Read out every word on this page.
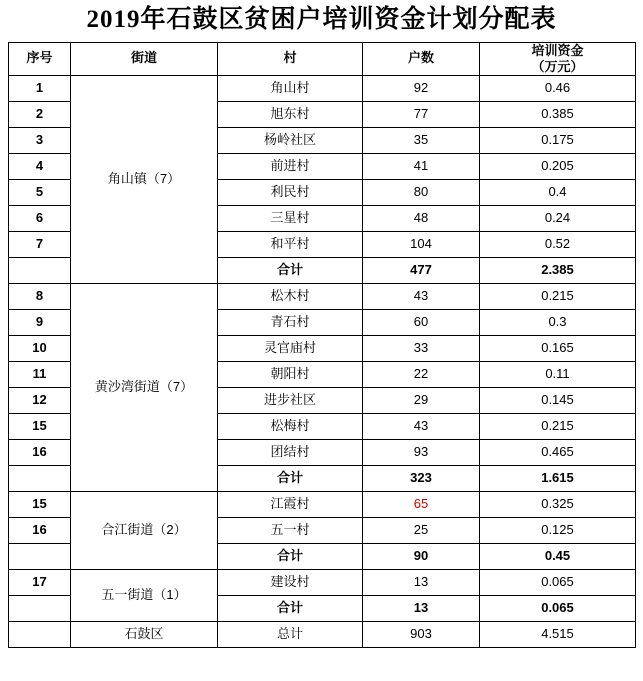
2019年石鼓区贫困户培训资金计划分配表
序号	街道	村	户数	培训资金
（万元）

1	角山镇（7）	角山村	92	0.46
2		旭东村	77	0.385
3		杨岭社区	35	0.175
4		前进村	41	0.205
5		利民村	80	0.4
6		三星村	48	0.24
7		和平村	104	0.52
		合计	477	2.385
8	黄沙湾街道（7）	松木村	43	0.215
9		青石村	60	0.3
10		灵官庙村	33	0.165
11		朝阳村	22	0.11
12		进步社区	29	0.145
15		松梅村	43	0.215
16		团结村	93	0.465
		合计	323	1.615
15	合江街道（2）	江霞村	65	0.325
16		五一村	25	0.125
		合计	90	0.45
17	五一街道（1）	建设村	13	0.065
		合计	13	0.065
	石鼓区	总计	903	4.515
